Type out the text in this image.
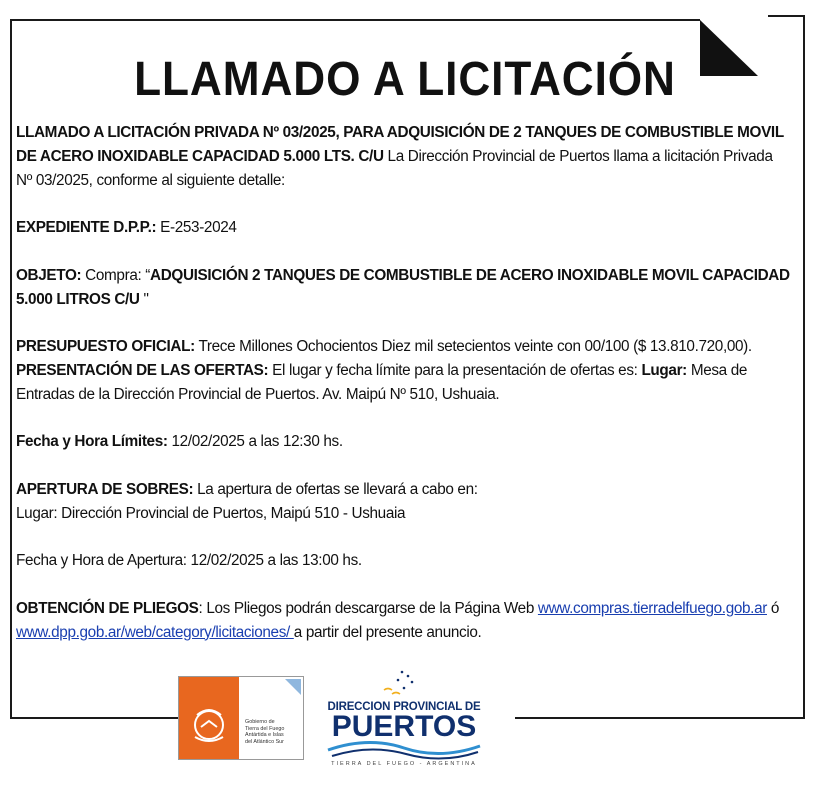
LLAMADO A LICITACIÓN

LLAMADO A LICITACIÓN PRIVADA Nº 03/2025, PARA ADQUISICIÓN DE 2 TANQUES DE COMBUSTIBLE MOVIL DE ACERO INOXIDABLE CAPACIDAD 5.000 LTS. C/U La Dirección Provincial de Puertos llama a licitación Privada Nº 03/2025, conforme al siguiente detalle:

EXPEDIENTE D.P.P.: E-253-2024

OBJETO: Compra: “ADQUISICIÓN 2 TANQUES DE COMBUSTIBLE DE ACERO INOXIDABLE MOVIL CAPACIDAD 5.000 LITROS C/U "

PRESUPUESTO OFICIAL: Trece Millones Ochocientos Diez mil setecientos veinte con 00/100 ($ 13.810.720,00).

PRESENTACIÓN DE LAS OFERTAS: El lugar y fecha límite para la presentación de ofertas es: Lugar: Mesa de Entradas de la Dirección Provincial de Puertos. Av. Maipú Nº 510, Ushuaia.

Fecha y Hora Límites: 12/02/2025 a las 12:30 hs.

APERTURA DE SOBRES: La apertura de ofertas se llevará a cabo en:

Lugar: Dirección Provincial de Puertos, Maipú 510 - Ushuaia

Fecha y Hora de Apertura: 12/02/2025 a las 13:00 hs.

OBTENCIÓN DE PLIEGOS: Los Pliegos podrán descargarse de la Página Web www.compras.tierradelfuego.gob.ar ó www.dpp.gob.ar/web/category/licitaciones/ a partir del presente anuncio.

Gobierno de
Tierra del Fuego
Antártida e Islas
del Atlántico Sur
DIRECCION PROVINCIAL DE
PUERTOS
TIERRA DEL FUEGO - ARGENTINA
